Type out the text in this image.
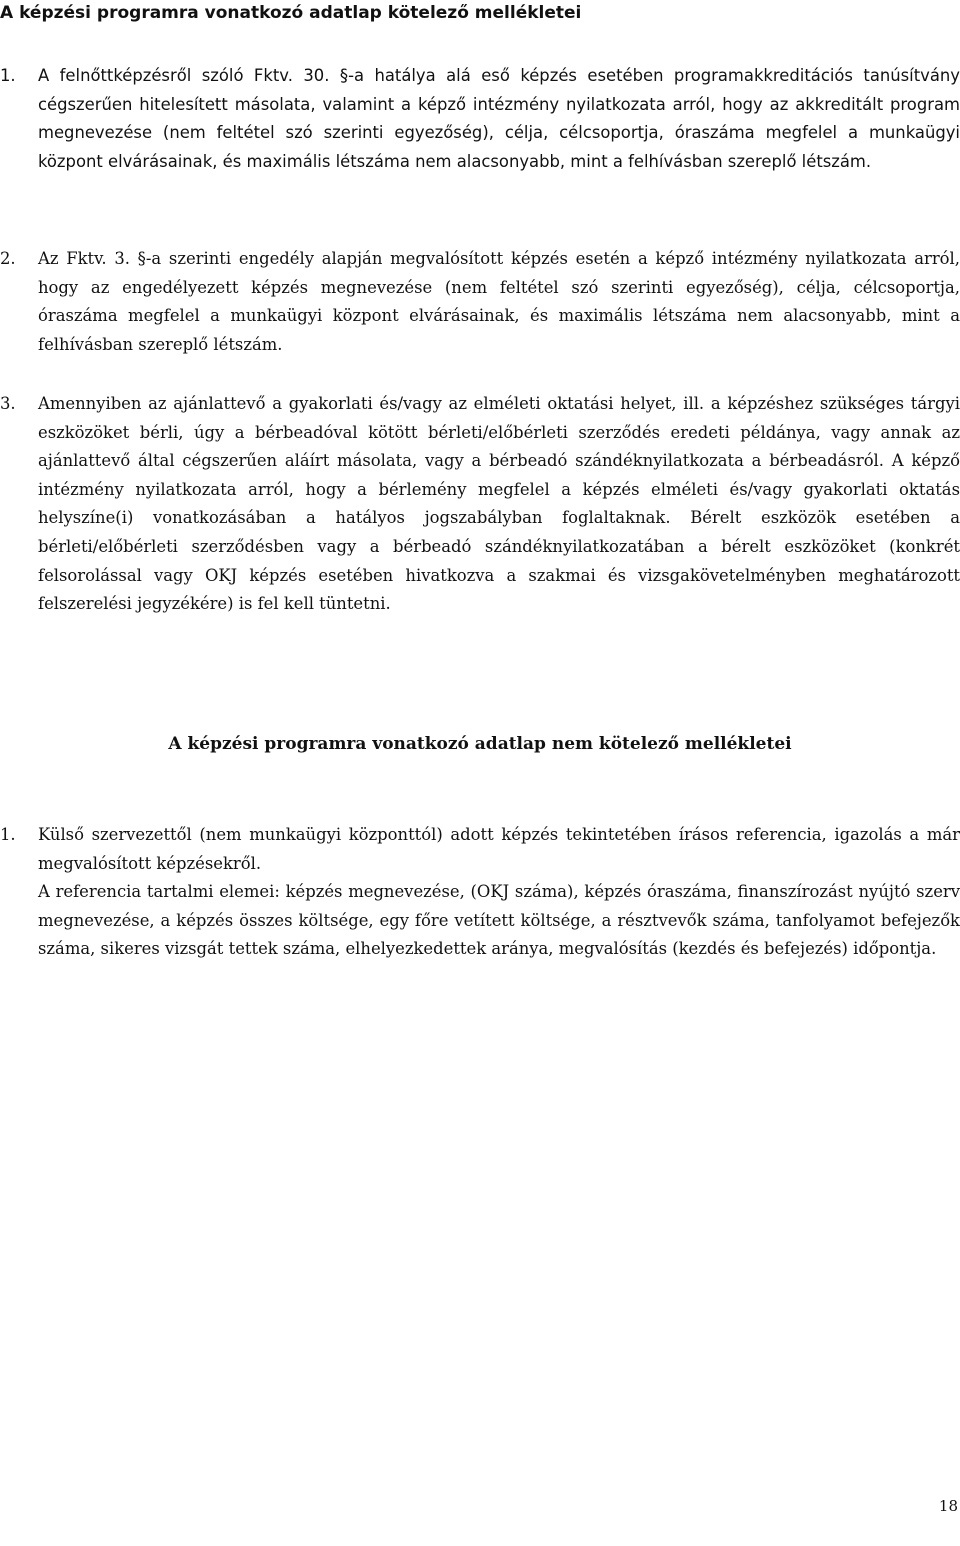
A képzési programra vonatkozó adatlap kötelező mellékletei
1. A felnőttképzésről szóló Fktv. 30. §-a hatálya alá eső képzés esetében programakkreditációs tanúsítvány cégszerűen hitelesített másolata, valamint a képző intézmény nyilatkozata arról, hogy az akkreditált program megnevezése (nem feltétel szó szerinti egyezőség), célja, célcsoportja, óraszáma megfelel a munkaügyi központ elvárásainak, és maximális létszáma nem alacsonyabb, mint a felhívásban szereplő létszám.
2. Az Fktv. 3. §-a szerinti engedély alapján megvalósított képzés esetén a képző intézmény nyilatkozata arról, hogy az engedélyezett képzés megnevezése (nem feltétel szó szerinti egyezőség), célja, célcsoportja, óraszáma megfelel a munkaügyi központ elvárásainak, és maximális létszáma nem alacsonyabb, mint a felhívásban szereplő létszám.
3. Amennyiben az ajánlattevő a gyakorlati és/vagy az elméleti oktatási helyet, ill. a képzéshez szükséges tárgyi eszközöket bérli, úgy a bérbeadóval kötött bérleti/előbérleti szerződés eredeti példánya, vagy annak az ajánlattevő által cégszerűen aláírt másolata, vagy a bérbeadó szándéknyilatkozata a bérbeadásról. A képző intézmény nyilatkozata arról, hogy a bérlemény megfelel a képzés elméleti és/vagy gyakorlati oktatás helyszíne(i) vonatkozásában a hatályos jogszabályban foglaltaknak. Bérelt eszközök esetében a bérleti/előbérleti szerződésben vagy a bérbeadó szándéknyilatkozatában a bérelt eszközöket (konkrét felsorolással vagy OKJ képzés esetében hivatkozva a szakmai és vizsgakövetelményben meghatározott felszerelési jegyzékére) is fel kell tüntetni.
A képzési programra vonatkozó adatlap nem kötelező mellékletei
1. Külső szervezettől (nem munkaügyi központtól) adott képzés tekintetében írásos referencia, igazolás a már megvalósított képzésekről.

A referencia tartalmi elemei: képzés megnevezése, (OKJ száma), képzés óraszáma, finanszírozást nyújtó szerv megnevezése, a képzés összes költsége, egy főre vetített költsége, a résztvevők száma, tanfolyamot befejezők száma, sikeres vizsgát tettek száma, elhelyezkedettek aránya, megvalósítás (kezdés és befejezés) időpontja.

18
